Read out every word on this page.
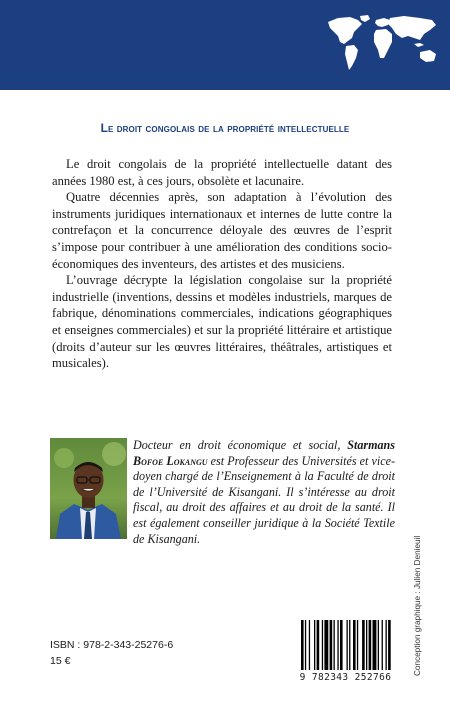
Le droit congolais de la propriété intellectuelle

Le droit congolais de la propriété intellectuelle datant des années 1980 est, à ces jours, obsolète et lacunaire.

Quatre décennies après, son adaptation à l’évolution des instruments juridiques internationaux et internes de lutte contre la contrefaçon et la concurrence déloyale des œuvres de l’esprit s’impose pour contribuer à une amélioration des conditions socio-économiques des inventeurs, des artistes et des musiciens.

L’ouvrage décrypte la législation congolaise sur la propriété industrielle (inventions, dessins et modèles industriels, marques de fabrique, dénominations commerciales, indications géographiques et enseignes commerciales) et sur la propriété littéraire et artistique (droits d’auteur sur les œuvres littéraires, théâtrales, artistiques et musicales).

Docteur en droit économique et social, Starmans Bofoe Lokangu est Professeur des Universités et vice-doyen chargé de l’Enseignement à la Faculté de droit de l’Université de Kisangani. Il s’intéresse au droit fiscal, au droit des affaires et au droit de la santé. Il est également conseiller juridique à la Société Textile de Kisangani.
ISBN : 978-2-343-25276-6
15 €
9 782343 252766
Conception graphique : Julien Denieuil
